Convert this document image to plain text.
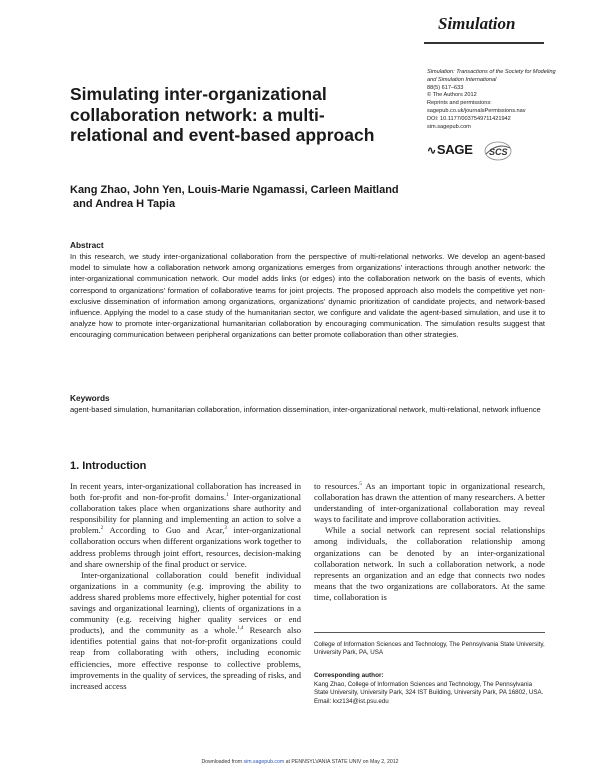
Simulation
Simulation: Transactions of the Society for Modeling and Simulation International
88(5) 617–633
© The Authors 2012
Reprints and permissions:
sagepub.co.uk/journalsPermissions.nav
DOI: 10.1177/0037549711421942
sim.sagepub.com
∿SAGE SCS
Simulating inter-organizational collaboration network: a multi-relational and event-based approach
Kang Zhao, John Yen, Louis-Marie Ngamassi, Carleen Maitland
and Andrea H Tapia
Abstract

In this research, we study inter-organizational collaboration from the perspective of multi-relational networks. We develop an agent-based model to simulate how a collaboration network among organizations emerges from organizations' interactions through another network: the inter-organizational communication network. Our model adds links (or edges) into the collaboration network on the basis of events, which correspond to organizations' formation of collaborative teams for joint projects. The proposed approach also models the competitive yet non-exclusive dissemination of information among organizations, organizations' dynamic prioritization of candidate projects, and network-based influence. Applying the model to a case study of the humanitarian sector, we configure and validate the agent-based simulation, and use it to analyze how to promote inter-organizational humanitarian collaboration by encouraging communication. The simulation results suggest that encouraging communication between peripheral organizations can better promote collaboration than other strategies.

Keywords

agent-based simulation, humanitarian collaboration, information dissemination, inter-organizational network, multi-relational, network influence

1. Introduction

In recent years, inter-organizational collaboration has increased in both for-profit and non-for-profit domains.$^1$ Inter-organizational collaboration takes place when organizations share authority and responsibility for planning and implementing an action to solve a problem.$^2$ According to Guo and Acar,$^3$ inter-organizational collaboration occurs when different organizations work together to address problems through joint effort, resources, decision-making and share ownership of the final product or service.

Inter-organizational collaboration could benefit individual organizations in a community (e.g. improving the ability to address shared problems more effectively, higher potential for cost savings and organizational learning), clients of organizations in a community (e.g. receiving higher quality services or end products), and the community as a whole.$^{1,4}$ Research also identifies potential gains that not-for-profit organizations could reap from collaborating with others, including economic efficiencies, more effective response to collective problems, improvements in the quality of services, the spreading of risks, and increased access

to resources.$^5$ As an important topic in organizational research, collaboration has drawn the attention of many researchers. A better understanding of inter-organizational collaboration may reveal ways to facilitate and improve collaboration activities.

While a social network can represent social relationships among individuals, the collaboration relationship among organizations can be denoted by an inter-organizational collaboration network. In such a collaboration network, a node represents an organization and an edge that connects two nodes means that the two organizations are collaborators. At the same time, collaboration is

College of Information Sciences and Technology, The Pennsylvania State University, University Park, PA, USA

Corresponding author:
Kang Zhao, College of Information Sciences and Technology, The Pennsylvania State University, University Park, 324 IST Building, University Park, PA 16802, USA.
Email: kxz134@ist.psu.edu
Downloaded from sim.sagepub.com at PENNSYLVANIA STATE UNIV on May 2, 2012
